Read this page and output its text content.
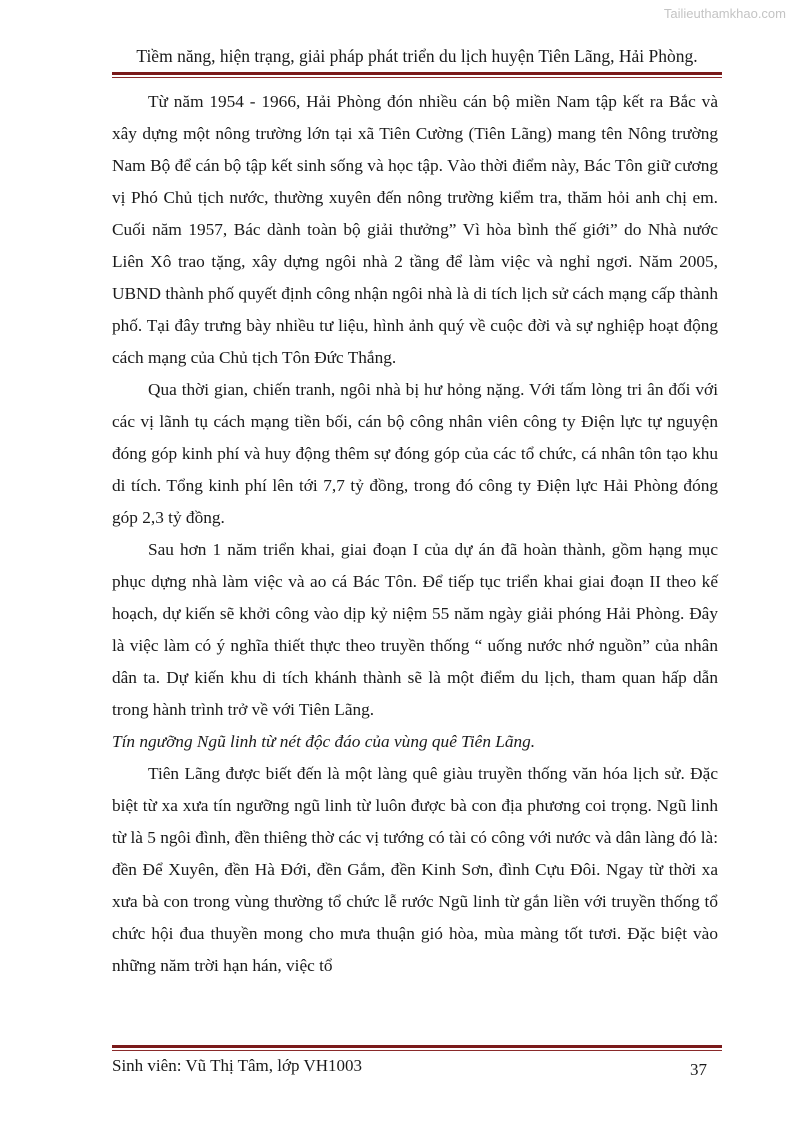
Tailieuthamkhao.com
Tiềm năng, hiện trạng, giải pháp phát triển du lịch huyện Tiên Lãng, Hải Phòng.

Từ năm 1954 - 1966, Hải Phòng đón nhiều cán bộ miền Nam tập kết ra Bắc và xây dựng một nông trường lớn tại xã Tiên Cường (Tiên Lãng) mang tên Nông trường Nam Bộ để cán bộ tập kết sinh sống và học tập. Vào thời điểm này, Bác Tôn giữ cương vị Phó Chủ tịch nước, thường xuyên đến nông trường kiểm tra, thăm hỏi anh chị em. Cuối năm 1957, Bác dành toàn bộ giải thưởng” Vì hòa bình thế giới” do Nhà nước Liên Xô trao tặng, xây dựng ngôi nhà 2 tầng để làm việc và nghỉ ngơi. Năm 2005, UBND thành phố quyết định công nhận ngôi nhà là di tích lịch sử cách mạng cấp thành phố. Tại đây trưng bày nhiều tư liệu, hình ảnh quý về cuộc đời và sự nghiệp hoạt động cách mạng của Chủ tịch Tôn Đức Thắng.

Qua thời gian, chiến tranh, ngôi nhà bị hư hỏng nặng. Với tấm lòng tri ân đối với các vị lãnh tụ cách mạng tiền bối, cán bộ công nhân viên công ty Điện lực tự nguyện đóng góp kinh phí và huy động thêm sự đóng góp của các tổ chức, cá nhân tôn tạo khu di tích. Tổng kinh phí lên tới 7,7 tỷ đồng, trong đó công ty Điện lực Hải Phòng đóng góp 2,3 tỷ đồng.

Sau hơn 1 năm triển khai, giai đoạn I của dự án đã hoàn thành, gồm hạng mục phục dựng nhà làm việc và ao cá Bác Tôn. Để tiếp tục triển khai giai đoạn II theo kế hoạch, dự kiến sẽ khởi công vào dịp kỷ niệm 55 năm ngày giải phóng Hải Phòng. Đây là việc làm có ý nghĩa thiết thực theo truyền thống “ uống nước nhớ nguồn” của nhân dân ta. Dự kiến khu di tích khánh thành sẽ là một điểm du lịch, tham quan hấp dẫn trong hành trình trở về với Tiên Lãng.

Tín ngưỡng Ngũ linh từ nét độc đáo của vùng quê Tiên Lãng.

Tiên Lãng được biết đến là một làng quê giàu truyền thống văn hóa lịch sử. Đặc biệt từ xa xưa tín ngưỡng ngũ linh từ luôn được bà con địa phương coi trọng. Ngũ linh từ là 5 ngôi đình, đền thiêng thờ các vị tướng có tài có công với nước và dân làng đó là: đền Để Xuyên, đền Hà Đới, đền Gắm, đền Kinh Sơn, đình Cựu Đôi. Ngay từ thời xa xưa bà con trong vùng thường tổ chức lễ rước Ngũ linh từ gắn liền với truyền thống tổ chức hội đua thuyền mong cho mưa thuận gió hòa, mùa màng tốt tươi. Đặc biệt vào những năm trời hạn hán, việc tổ

Sinh viên: Vũ Thị Tâm, lớp VH1003	37
